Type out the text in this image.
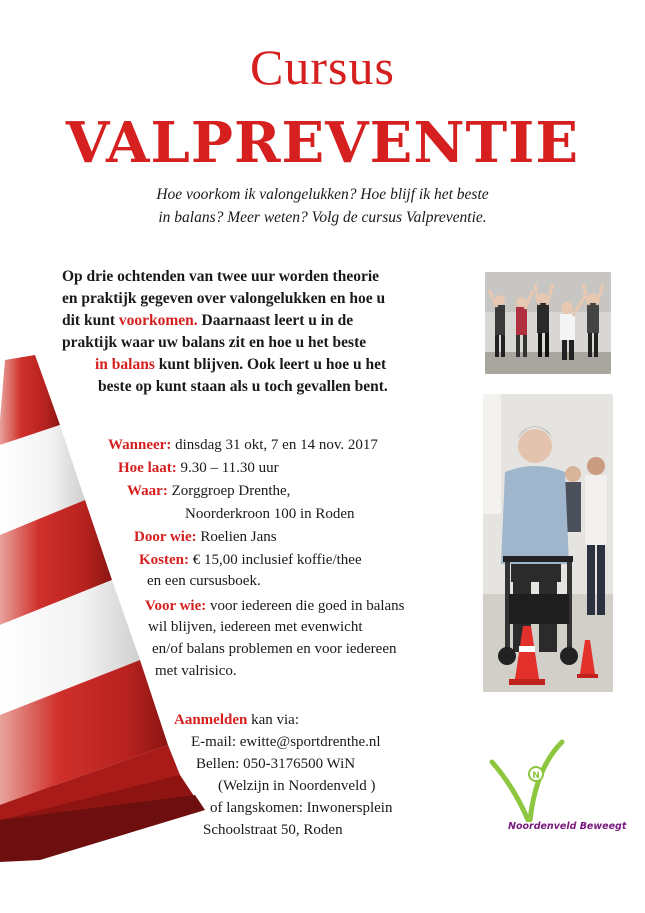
Cursus
VALPREVENTIE
Hoe voorkom ik valongelukken? Hoe blijf ik het beste
in balans? Meer weten? Volg de cursus Valpreventie.
Op drie ochtenden van twee uur worden theorie
en praktijk gegeven over valongelukken en hoe u
dit kunt voorkomen. Daarnaast leert u in de
praktijk waar uw balans zit en hoe u het beste
in balans kunt blijven. Ook leert u hoe u het
beste op kunt staan als u toch gevallen bent.
Wanneer: dinsdag 31 okt, 7 en 14 nov. 2017
Hoe laat: 9.30 – 11.30 uur
Waar: Zorggroep Drenthe,
Noorderkroon 100 in Roden
Door wie: Roelien Jans
Kosten: € 15,00 inclusief koffie/thee
en een cursusboek.
Voor wie: voor iedereen die goed in balans
wil blijven, iedereen met evenwicht
en/of balans problemen en voor iedereen
met valrisico.
Aanmelden kan via:
E-mail: ewitte@sportdrenthe.nl
Bellen: 050-3176500 WiN
(Welzijn in Noordenveld )
of langskomen: Inwonersplein
Schoolstraat 50, Roden
N
Noordenveld Beweegt
